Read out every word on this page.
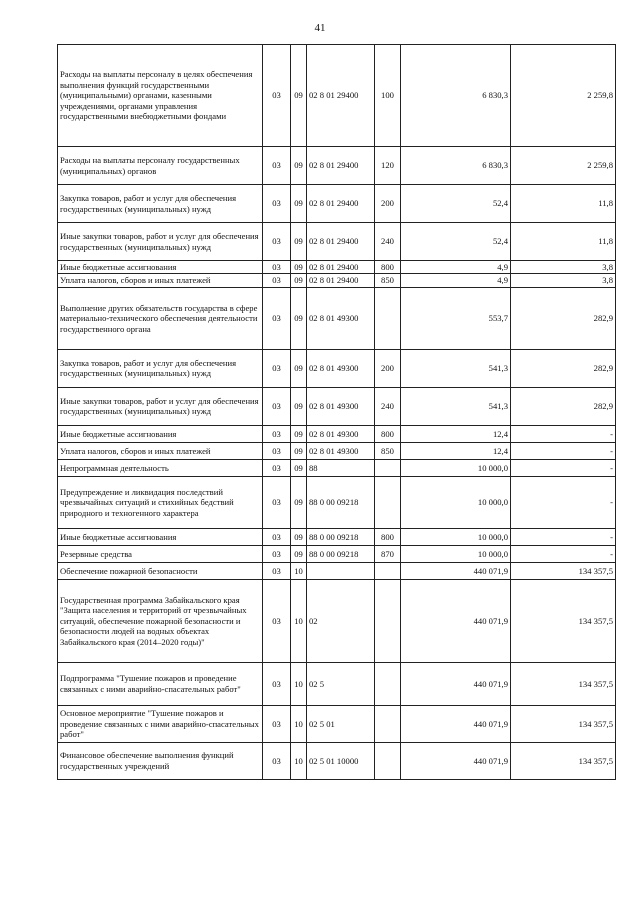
41
Расходы на выплаты персоналу в целях обеспечения выполнения функций государственными (муниципальными) органами, казенными учреждениями, органами управления государственными внебюджетными фондами	03	09	02 8 01 29400	100	6 830,3	2 259,8
Расходы на выплаты персоналу государственных (муниципальных) органов	03	09	02 8 01 29400	120	6 830,3	2 259,8
Закупка товаров, работ и услуг для обеспечения государственных (муниципальных) нужд	03	09	02 8 01 29400	200	52,4	11,8
Иные закупки товаров, работ и услуг для обеспечения государственных (муниципальных) нужд	03	09	02 8 01 29400	240	52,4	11,8
Иные бюджетные ассигнования	03	09	02 8 01 29400	800	4,9	3,8
Уплата налогов, сборов и иных платежей	03	09	02 8 01 29400	850	4,9	3,8
Выполнение других обязательств государства в сфере материально-технического обеспечения деятельности государственного органа	03	09	02 8 01 49300		553,7	282,9
Закупка товаров, работ и услуг для обеспечения государственных (муниципальных) нужд	03	09	02 8 01 49300	200	541,3	282,9
Иные закупки товаров, работ и услуг для обеспечения государственных (муниципальных) нужд	03	09	02 8 01 49300	240	541,3	282,9
Иные бюджетные ассигнования	03	09	02 8 01 49300	800	12,4	-
Уплата налогов, сборов и иных платежей	03	09	02 8 01 49300	850	12,4	-
Непрограммная деятельность	03	09	88		10 000,0	-
Предупреждение и ликвидация последствий чрезвычайных ситуаций и стихийных бедствий природного и техногенного характера	03	09	88 0 00 09218		10 000,0	-
Иные бюджетные ассигнования	03	09	88 0 00 09218	800	10 000,0	-
Резервные средства	03	09	88 0 00 09218	870	10 000,0	-
Обеспечение пожарной безопасности	03	10			440 071,9	134 357,5
Государственная программа Забайкальского края "Защита населения и территорий от чрезвычайных ситуаций, обеспечение пожарной безопасности и безопасности людей на водных объектах Забайкальского края (2014–2020 годы)"	03	10	02		440 071,9	134 357,5
Подпрограмма "Тушение пожаров и проведение связанных с ними аварийно-спасательных работ"	03	10	02 5		440 071,9	134 357,5
Основное мероприятие "Тушение пожаров и проведение связанных с ними аварийно-спасательных работ"	03	10	02 5 01		440 071,9	134 357,5
Финансовое обеспечение выполнения функций государственных учреждений	03	10	02 5 01 10000		440 071,9	134 357,5
